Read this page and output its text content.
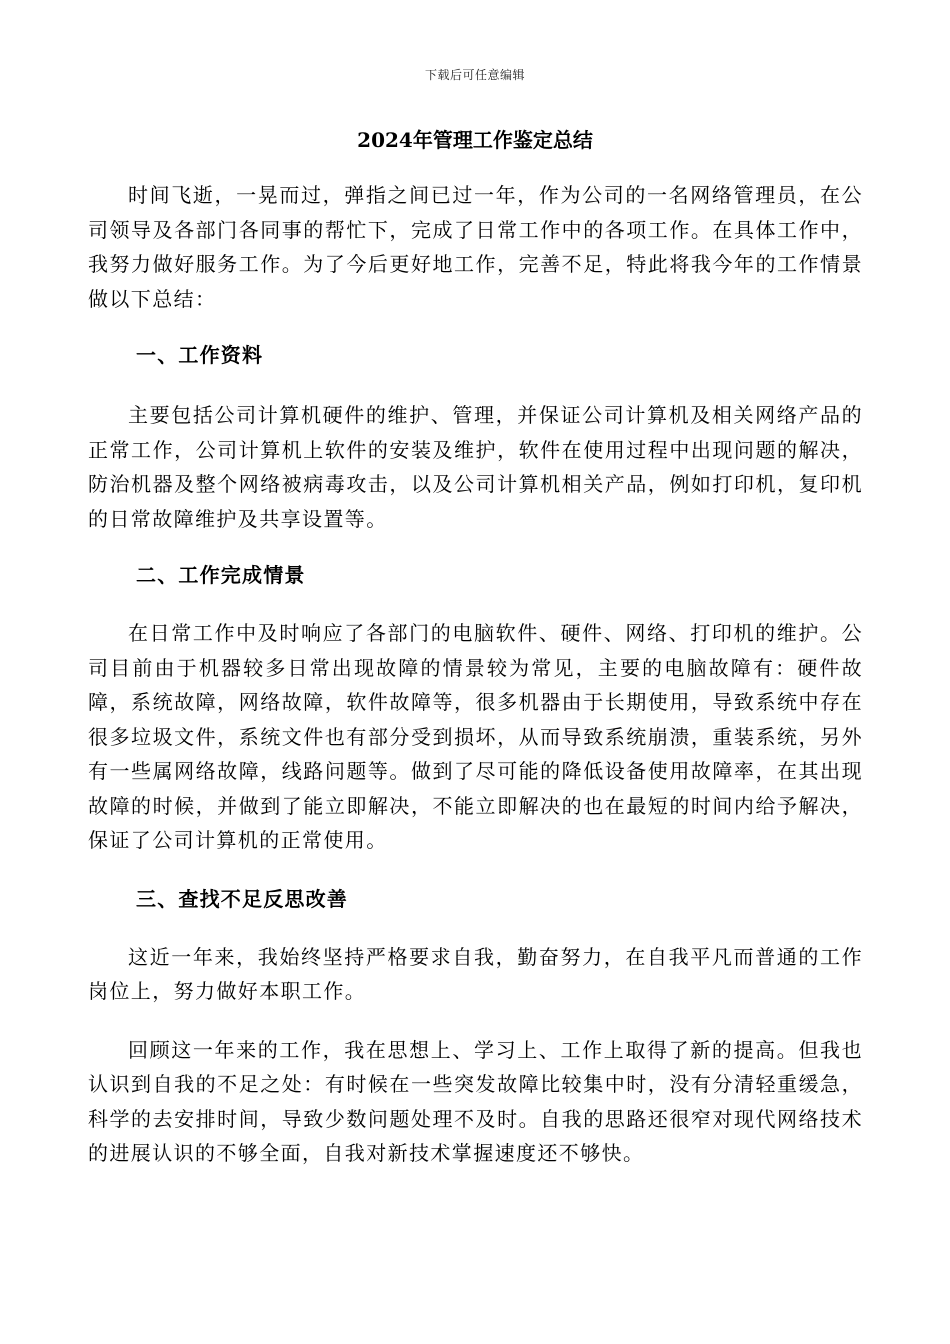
下载后可任意编辑
2024年管理工作鉴定总结

时间飞逝，一晃而过，弹指之间已过一年，作为公司的一名网络管理员，在公司领导及各部门各同事的帮忙下，完成了日常工作中的各项工作。在具体工作中，我努力做好服务工作。为了今后更好地工作，完善不足，特此将我今年的工作情景做以下总结：

一、工作资料

主要包括公司计算机硬件的维护、管理，并保证公司计算机及相关网络产品的正常工作，公司计算机上软件的安装及维护，软件在使用过程中出现问题的解决，防治机器及整个网络被病毒攻击，以及公司计算机相关产品，例如打印机，复印机的日常故障维护及共享设置等。

二、工作完成情景

在日常工作中及时响应了各部门的电脑软件、硬件、网络、打印机的维护。公司目前由于机器较多日常出现故障的情景较为常见，主要的电脑故障有：硬件故障，系统故障，网络故障，软件故障等，很多机器由于长期使用，导致系统中存在很多垃圾文件，系统文件也有部分受到损坏，从而导致系统崩溃，重装系统，另外有一些属网络故障，线路问题等。做到了尽可能的降低设备使用故障率，在其出现故障的时候，并做到了能立即解决，不能立即解决的也在最短的时间内给予解决，保证了公司计算机的正常使用。

三、查找不足反思改善

这近一年来，我始终坚持严格要求自我，勤奋努力，在自我平凡而普通的工作岗位上，努力做好本职工作。

回顾这一年来的工作，我在思想上、学习上、工作上取得了新的提高。但我也认识到自我的不足之处：有时候在一些突发故障比较集中时，没有分清轻重缓急，科学的去安排时间，导致少数问题处理不及时。自我的思路还很窄对现代网络技术的进展认识的不够全面，自我对新技术掌握速度还不够快。
